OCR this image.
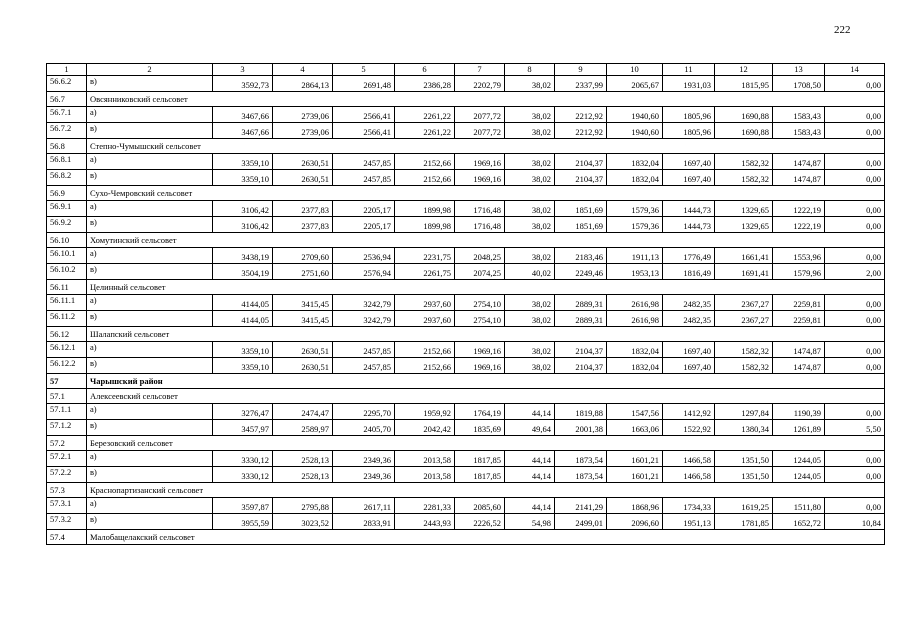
222
1	2	3	4	5	6	7	8	9	10	11	12	13	14
56.6.2	в)	3592,73	2864,13	2691,48	2386,28	2202,79	38,02	2337,99	2065,67	1931,03	1815,95	1708,50	0,00
56.7	Овсянниковский сельсовет												
56.7.1	а)	3467,66	2739,06	2566,41	2261,22	2077,72	38,02	2212,92	1940,60	1805,96	1690,88	1583,43	0,00
56.7.2	в)	3467,66	2739,06	2566,41	2261,22	2077,72	38,02	2212,92	1940,60	1805,96	1690,88	1583,43	0,00
56.8	Степно-Чумышский сельсовет												
56.8.1	а)	3359,10	2630,51	2457,85	2152,66	1969,16	38,02	2104,37	1832,04	1697,40	1582,32	1474,87	0,00
56.8.2	в)	3359,10	2630,51	2457,85	2152,66	1969,16	38,02	2104,37	1832,04	1697,40	1582,32	1474,87	0,00
56.9	Сухо-Чемровский сельсовет												
56.9.1	а)	3106,42	2377,83	2205,17	1899,98	1716,48	38,02	1851,69	1579,36	1444,73	1329,65	1222,19	0,00
56.9.2	в)	3106,42	2377,83	2205,17	1899,98	1716,48	38,02	1851,69	1579,36	1444,73	1329,65	1222,19	0,00
56.10	Хомутинский сельсовет												
56.10.1	а)	3438,19	2709,60	2536,94	2231,75	2048,25	38,02	2183,46	1911,13	1776,49	1661,41	1553,96	0,00
56.10.2	в)	3504,19	2751,60	2576,94	2261,75	2074,25	40,02	2249,46	1953,13	1816,49	1691,41	1579,96	2,00
56.11	Целинный сельсовет												
56.11.1	а)	4144,05	3415,45	3242,79	2937,60	2754,10	38,02	2889,31	2616,98	2482,35	2367,27	2259,81	0,00
56.11.2	в)	4144,05	3415,45	3242,79	2937,60	2754,10	38,02	2889,31	2616,98	2482,35	2367,27	2259,81	0,00
56.12	Шалапский сельсовет												
56.12.1	а)	3359,10	2630,51	2457,85	2152,66	1969,16	38,02	2104,37	1832,04	1697,40	1582,32	1474,87	0,00
56.12.2	в)	3359,10	2630,51	2457,85	2152,66	1969,16	38,02	2104,37	1832,04	1697,40	1582,32	1474,87	0,00
57	Чарышский район												
57.1	Алексеевский сельсовет												
57.1.1	а)	3276,47	2474,47	2295,70	1959,92	1764,19	44,14	1819,88	1547,56	1412,92	1297,84	1190,39	0,00
57.1.2	в)	3457,97	2589,97	2405,70	2042,42	1835,69	49,64	2001,38	1663,06	1522,92	1380,34	1261,89	5,50
57.2	Березовский сельсовет												
57.2.1	а)	3330,12	2528,13	2349,36	2013,58	1817,85	44,14	1873,54	1601,21	1466,58	1351,50	1244,05	0,00
57.2.2	в)	3330,12	2528,13	2349,36	2013,58	1817,85	44,14	1873,54	1601,21	1466,58	1351,50	1244,05	0,00
57.3	Краснопартизанский сельсовет												
57.3.1	а)	3597,87	2795,88	2617,11	2281,33	2085,60	44,14	2141,29	1868,96	1734,33	1619,25	1511,80	0,00
57.3.2	в)	3955,59	3023,52	2833,91	2443,93	2226,52	54,98	2499,01	2096,60	1951,13	1781,85	1652,72	10,84
57.4	Малобащелакский сельсовет												
